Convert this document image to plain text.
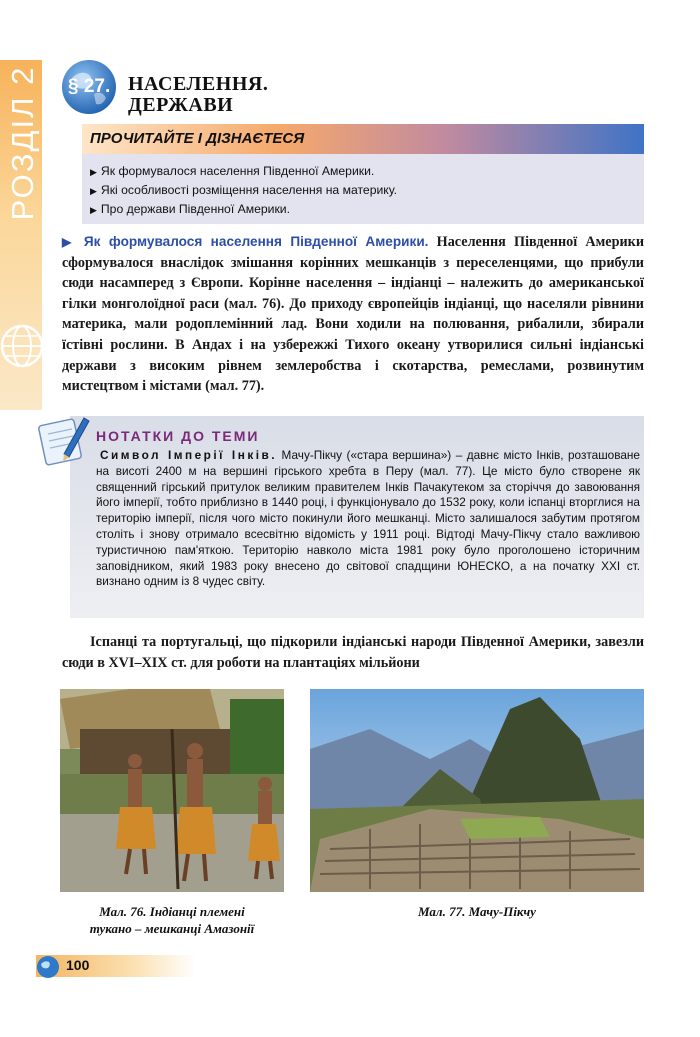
РОЗДІЛ 2 § 27. НАСЕЛЕННЯ.
ДЕРЖАВИ
ПРОЧИТАЙТЕ І ДІЗНАЄТЕСЯ
▶ Як формувалося населення Південної Америки.
▶ Які особливості розміщення населення на материку.
▶ Про держави Південної Америки.

▶ Як формувалося населення Південної Америки. Населення Південної Америки сформувалося внаслідок змішання корінних мешканців з переселенцями, що прибули сюди насамперед з Європи. Корінне населення – індіанці – належить до американської гілки монголоїдної раси (мал. 76). До приходу європейців індіанці, що населяли рівнини материка, мали родоплемінний лад. Вони ходили на полювання, рибалили, збирали їстівні рослини. В Андах і на узбережжі Тихого океану утворилися сильні індіанські держави з високим рівнем землеробства і скотарства, ремеслами, розвинутим мистецтвом і містами (мал. 77).

НОТАТКИ ДО ТЕМИ

Символ Імперії Інків. Мачу-Пікчу («стара вершина») – давнє місто Інків, розташоване на висоті 2400 м на вершині гірського хребта в Перу (мал. 77). Це місто було створене як священний гірський притулок великим правителем Інків Пачакутеком за сторіччя до завоювання його імперії, тобто приблизно в 1440 році, і функціонувало до 1532 року, коли іспанці вторглися на територію імперії, після чого місто покинули його мешканці. Місто залишалося забутим протягом століть і знову отримало всесвітню відомість у 1911 році. Відтоді Мачу-Пікчу стало важливою туристичною пам'яткою. Територію навколо міста 1981 року було проголошено історичним заповідником, який 1983 року внесено до світової спадщини ЮНЕСКО, а на початку XXI ст. визнано одним із 8 чудес світу.

Іспанці та португальці, що підкорили індіанські народи Південної Америки, завезли сюди в XVI–XIX ст. для роботи на плантаціях мільйони

Мал. 76. Індіанці племені
тукано – мешканці Амазонії
Мал. 77. Мачу-Пікчу
100
